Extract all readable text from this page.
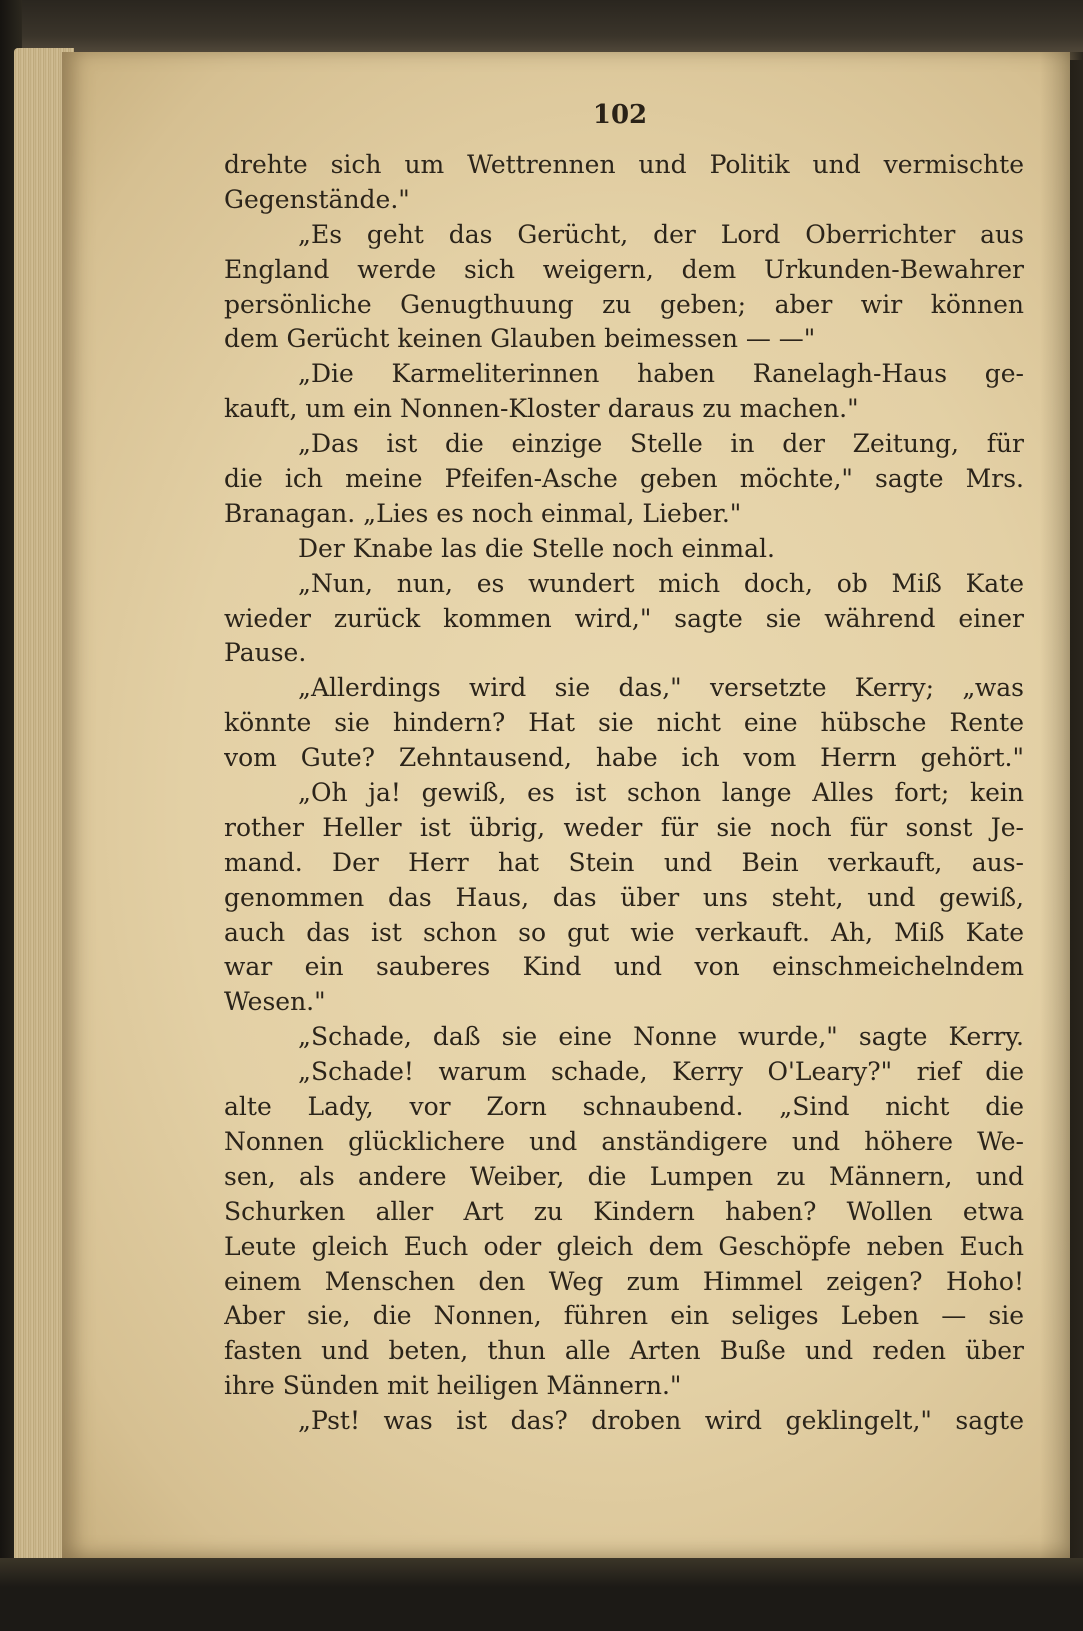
102
drehte sich um Wettrennen und Politik und vermischte
Gegenstände."
„Es geht das Gerücht, der Lord Oberrichter aus
England werde sich weigern, dem Urkunden-Bewahrer
persönliche Genugthuung zu geben; aber wir können
dem Gerücht keinen Glauben beimessen — —"
„Die Karmeliterinnen haben Ranelagh-Haus ge-
kauft, um ein Nonnen-Kloster daraus zu machen."
„Das ist die einzige Stelle in der Zeitung, für
die ich meine Pfeifen-Asche geben möchte," sagte Mrs.
Branagan. „Lies es noch einmal, Lieber."
Der Knabe las die Stelle noch einmal.
„Nun, nun, es wundert mich doch, ob Miß Kate
wieder zurück kommen wird," sagte sie während einer
Pause.
„Allerdings wird sie das," versetzte Kerry; „was
könnte sie hindern? Hat sie nicht eine hübsche Rente
vom Gute? Zehntausend, habe ich vom Herrn gehört."
„Oh ja! gewiß, es ist schon lange Alles fort; kein
rother Heller ist übrig, weder für sie noch für sonst Je-
mand. Der Herr hat Stein und Bein verkauft, aus-
genommen das Haus, das über uns steht, und gewiß,
auch das ist schon so gut wie verkauft. Ah, Miß Kate
war ein sauberes Kind und von einschmeichelndem
Wesen."
„Schade, daß sie eine Nonne wurde," sagte Kerry.
„Schade! warum schade, Kerry O'Leary?" rief die
alte Lady, vor Zorn schnaubend. „Sind nicht die
Nonnen glücklichere und anständigere und höhere We-
sen, als andere Weiber, die Lumpen zu Männern, und
Schurken aller Art zu Kindern haben? Wollen etwa
Leute gleich Euch oder gleich dem Geschöpfe neben Euch
einem Menschen den Weg zum Himmel zeigen? Hoho!
Aber sie, die Nonnen, führen ein seliges Leben — sie
fasten und beten, thun alle Arten Buße und reden über
ihre Sünden mit heiligen Männern."
„Pst! was ist das? droben wird geklingelt," sagte
